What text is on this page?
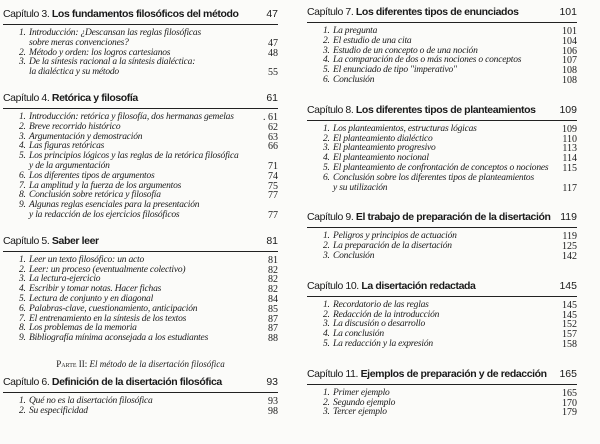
Capítulo 3. Los fundamentos filosóficos del método	47
1. Introducción: ¿Descansan las reglas filosóficas
sobre meras convenciones?	47
2. Método y orden: los logros cartesianos	48
3. De la síntesis racional a la síntesis dialéctica:
la dialéctica y su método	55
Capítulo 4. Retórica y filosofía	61
1. Introducción: retórica y filosofía, dos hermanas gemelas	. 61
2. Breve recorrido histórico	62
3. Argumentación y demostración	63
4. Las figuras retóricas	66
5. Los principios lógicos y las reglas de la retórica filosófica
y de la argumentación	71
6. Los diferentes tipos de argumentos	74
7. La amplitud y la fuerza de los argumentos	75
8. Conclusión sobre retórica y filosofía	77
9. Algunas reglas esenciales para la presentación
y la redacción de los ejercicios filosóficos	77
Capítulo 5. Saber leer	81
1. Leer un texto filosófico: un acto	81
2. Leer: un proceso (eventualmente colectivo)	82
3. La lectura-ejercicio	82
4. Escribir y tomar notas. Hacer fichas	82
5. Lectura de conjunto y en diagonal	84
6. Palabras-clave, cuestionamiento, anticipación	85
7. El entrenamiento en la síntesis de los textos	87
8. Los problemas de la memoria	87
9. Bibliografía mínima aconsejada a los estudiantes	88
Parte II: El método de la disertación filosófica
Capítulo 6. Definición de la disertación filosófica	93
1. Qué no es la disertación filosófica	93
2. Su especificidad	98
Capítulo 7. Los diferentes tipos de enunciados	101
1. La pregunta	101
2. El estudio de una cita	104
3. Estudio de un concepto o de una noción	106
4. La comparación de dos o más nociones o conceptos	107
5. El enunciado de tipo "imperativo"	108
6. Conclusión	108
Capítulo 8. Los diferentes tipos de planteamientos	109
1. Los planteamientos, estructuras lógicas	109
2. El planteamiento dialéctico	110
3. El planteamiento progresivo	113
4. El planteamiento nocional	114
5. El planteamiento de confrontación de conceptos o nociones	115
6. Conclusión sobre los diferentes tipos de planteamientos
y su utilización	117
Capítulo 9. El trabajo de preparación de la disertación 119
1. Peligros y principios de actuación	119
2. La preparación de la disertación	125
3. Conclusión	142
Capítulo 10. La disertación redactada	145
1. Recordatorio de las reglas	145
2. Redacción de la introducción	145
3. La discusión o desarrollo	152
4. La conclusión	157
5. La redacción y la expresión	158
Capítulo 11. Ejemplos de preparación y de redacción	165
1. Primer ejemplo	165
2. Segundo ejemplo	170
3. Tercer ejemplo	179
